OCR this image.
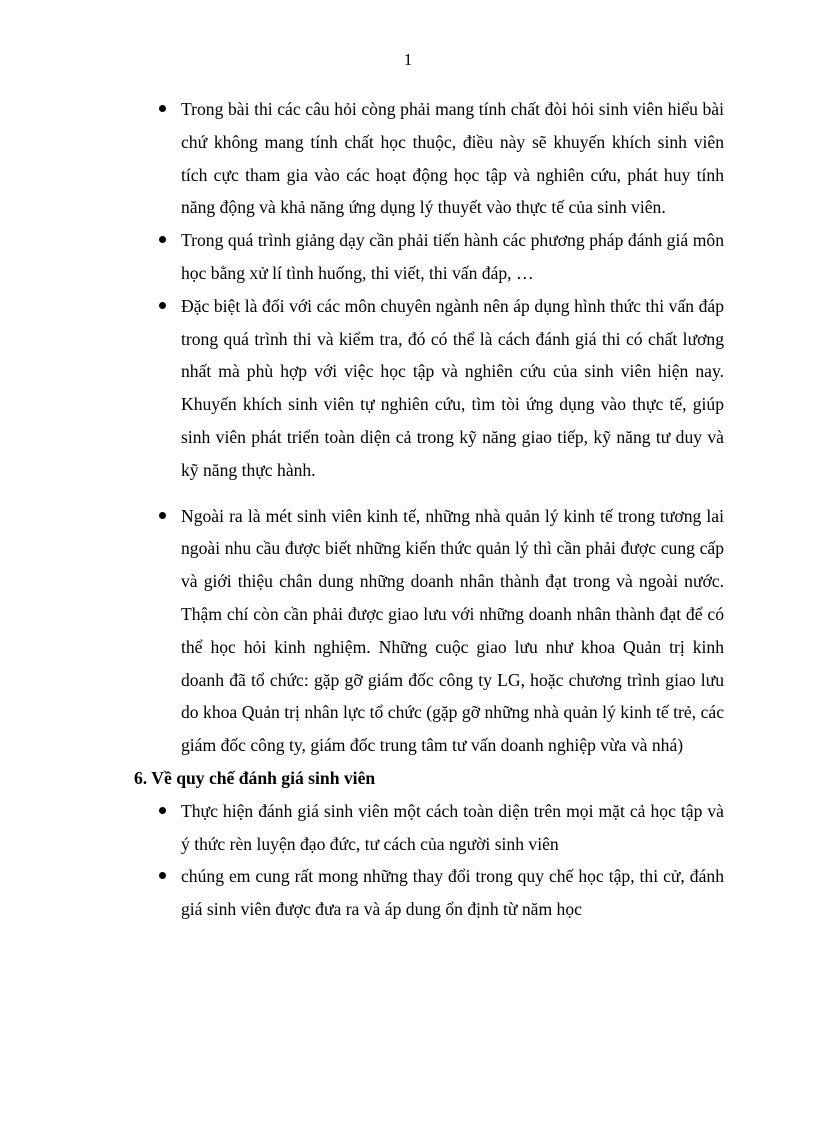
1
Trong bài thi các câu hỏi còng phải mang tính chất đòi hỏi sinh viên hiểu bài chứ không mang tính chất học thuộc, điều này sẽ khuyến khích sinh viên tích cực tham gia vào các hoạt động học tập và nghiên cứu, phát huy tính năng động và khả năng ứng dụng lý thuyết vào thực tế của sinh viên.
Trong quá trình giảng dạy cần phải tiến hành các phương pháp đánh giá môn học bằng xử lí tình huống, thi viết, thi vấn đáp, …
Đặc biệt là đối với các môn chuyên ngành nên áp dụng hình thức thi vấn đáp trong quá trình thi và kiểm tra, đó có thể là cách đánh giá thi có chất lương nhất mà phù hợp với việc học tập và nghiên cứu của sinh viên hiện nay. Khuyến khích sinh viên tự nghiên cứu, tìm tòi ứng dụng vào thực tế, giúp sinh viên phát triển toàn diện cả trong kỹ năng giao tiếp, kỹ năng tư duy và kỹ năng thực hành.
Ngoài ra là mét sinh viên kinh tế, những nhà quản lý kinh tế trong tương lai ngoài nhu cầu được biết những kiến thức quản lý thì cần phải được cung cấp và giới thiệu chân dung những doanh nhân thành đạt trong và ngoài nước. Thậm chí còn cần phải được giao lưu với những doanh nhân thành đạt để có thể học hỏi kinh nghiệm. Những cuộc giao lưu như khoa Quản trị kinh doanh đã tổ chức: gặp gỡ giám đốc công ty LG, hoặc chương trình giao lưu do khoa Quản trị nhân lực tổ chức (gặp gỡ những nhà quản lý kinh tế trẻ, các giám đốc công ty, giám đốc trung tâm tư vấn doanh nghiệp vừa và nhá)

6. Về quy chế đánh giá sinh viên

Thực hiện đánh giá sinh viên một cách toàn diện trên mọi mặt cả học tập và ý thức rèn luyện đạo đức, tư cách của người sinh viên
chúng em cung rất mong những thay đổi trong quy chế học tập, thi cử, đánh giá sinh viên được đưa ra và áp dung ổn định từ năm học
